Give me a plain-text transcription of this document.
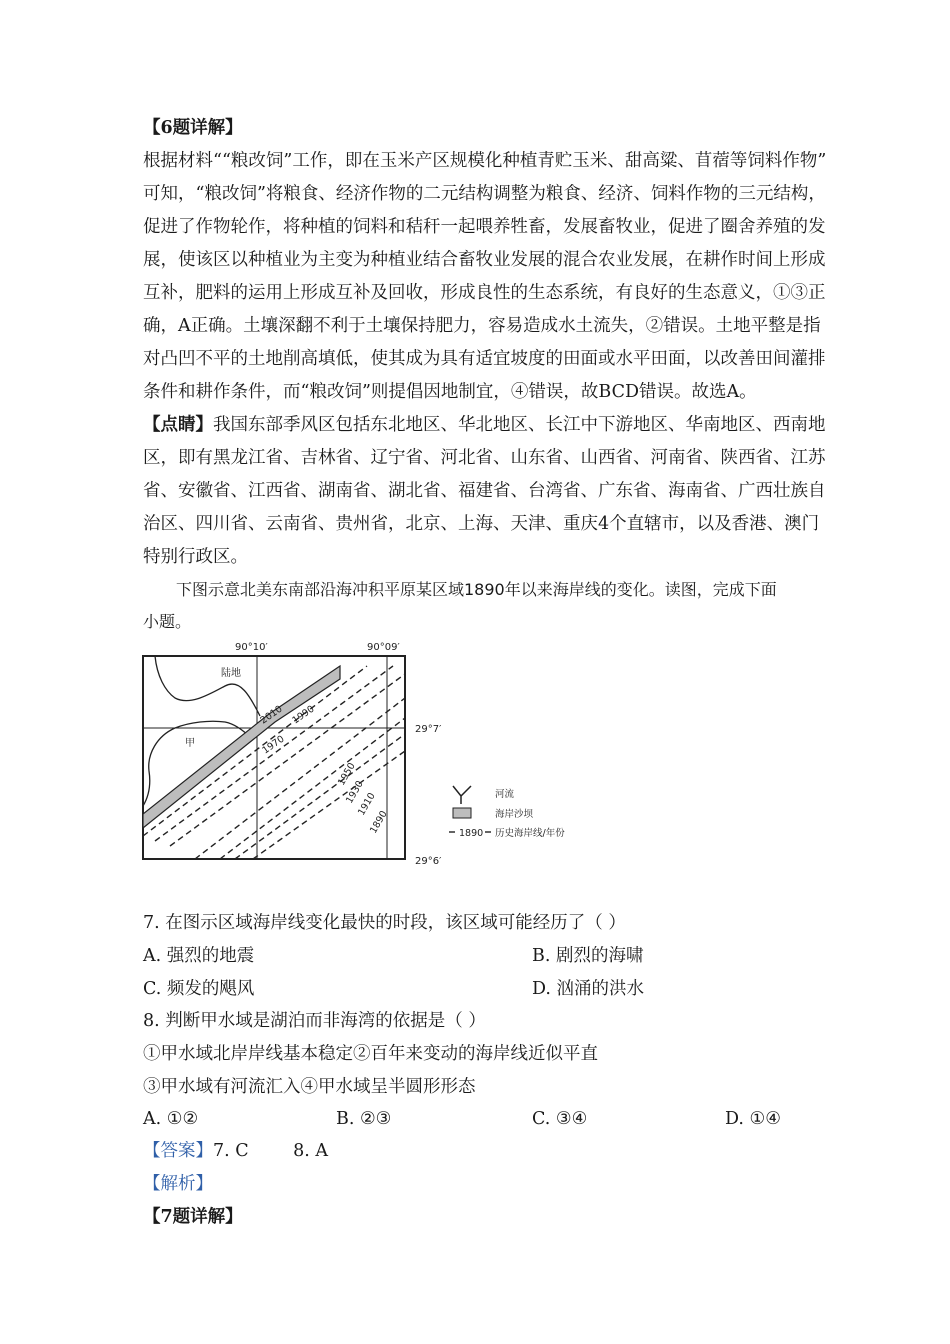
【6题详解】
根据材料““粮改饲”工作，即在玉米产区规模化种植青贮玉米、甜高粱、苜蓿等饲料作物”
可知，“粮改饲”将粮食、经济作物的二元结构调整为粮食、经济、饲料作物的三元结构，
促进了作物轮作，将种植的饲料和秸秆一起喂养牲畜，发展畜牧业，促进了圈舍养殖的发
展，使该区以种植业为主变为种植业结合畜牧业发展的混合农业发展，在耕作时间上形成
互补，肥料的运用上形成互补及回收，形成良性的生态系统，有良好的生态意义，①③正
确，A正确。土壤深翻不利于土壤保持肥力，容易造成水土流失，②错误。土地平整是指
对凸凹不平的土地削高填低，使其成为具有适宜坡度的田面或水平田面，以改善田间灌排
条件和耕作条件，而“粮改饲”则提倡因地制宜，④错误，故BCD错误。故选A。
【点睛】我国东部季风区包括东北地区、华北地区、长江中下游地区、华南地区、西南地
区，即有黑龙江省、吉林省、辽宁省、河北省、山东省、山西省、河南省、陕西省、江苏
省、安徽省、江西省、湖南省、湖北省、福建省、台湾省、广东省、海南省、广西壮族自
治区、四川省、云南省、贵州省，北京、上海、天津、重庆4个直辖市，以及香港、澳门
特别行政区。
下图示意北美东南部沿海冲积平原某区域1890年以来海岸线的变化。读图，完成下面
小题。
90°10′	90°09′
29°7′
29°6′
陆地
甲
2010 1990
1970
1950
1930
1910
1890
河流
海岸沙坝
1890 历史海岸线/年份
7. 在图示区域海岸线变化最快的时段，该区域可能经历了（ ）
A. 强烈的地震	B. 剧烈的海啸
C. 频发的飓风	D. 汹涌的洪水
8. 判断甲水域是湖泊而非海湾的依据是（ ）
①甲水域北岸岸线基本稳定②百年来变动的海岸线近似平直
③甲水域有河流汇入④甲水域呈半圆形形态
A. ①②	B. ②③	C. ③④	D. ①④
【答案】7. C        8. A
【解析】
【7题详解】
